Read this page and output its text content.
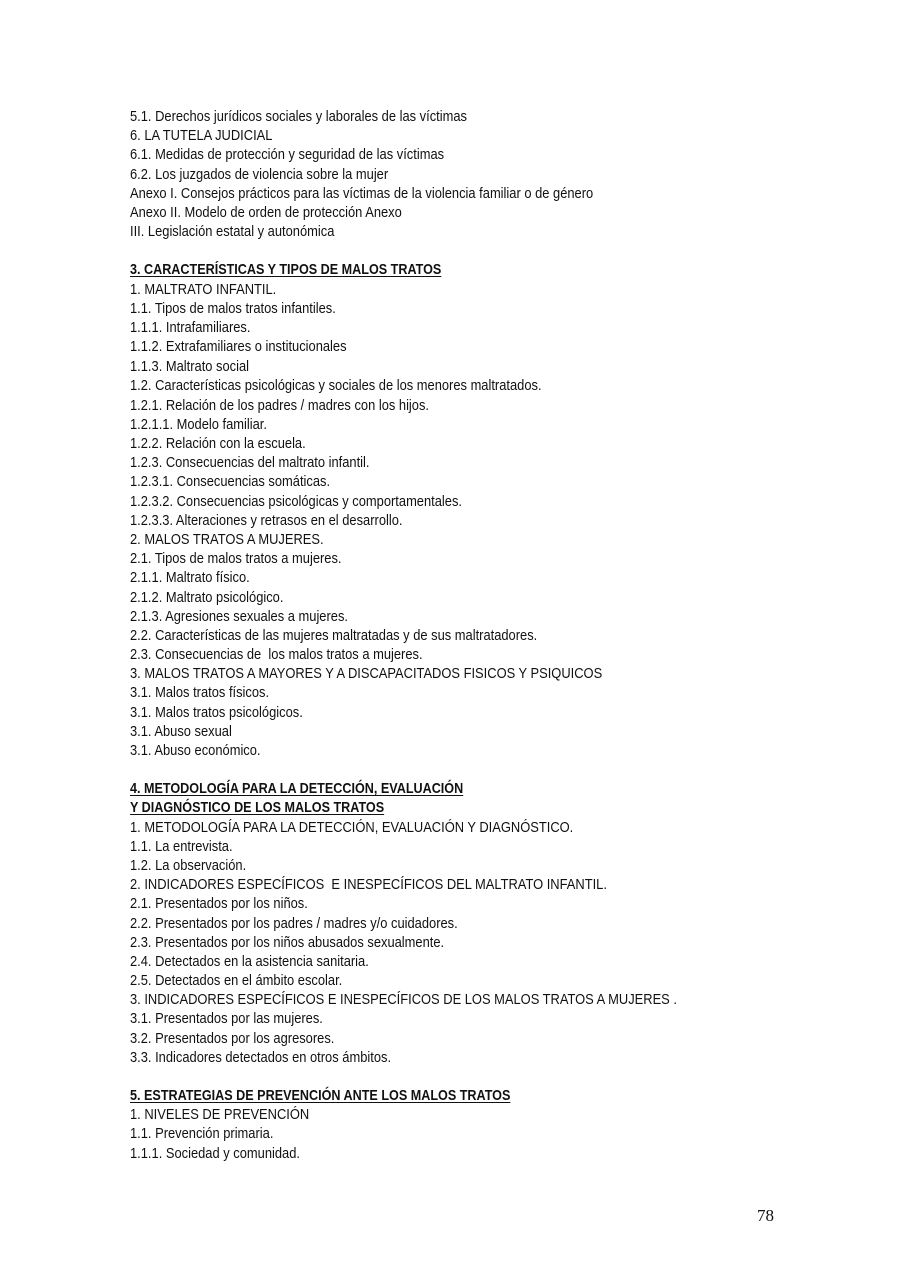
5.1. Derechos jurídicos sociales y laborales de las víctimas
6. LA TUTELA JUDICIAL
6.1. Medidas de protección y seguridad de las víctimas
6.2. Los juzgados de violencia sobre la mujer
Anexo I. Consejos prácticos para las víctimas de la violencia familiar o de género
Anexo II. Modelo de orden de protección Anexo
III. Legislación estatal y autonómica
3. CARACTERÍSTICAS Y TIPOS DE MALOS TRATOS
1. MALTRATO INFANTIL.
1.1. Tipos de malos tratos infantiles.
1.1.1. Intrafamiliares.
1.1.2. Extrafamiliares o institucionales
1.1.3. Maltrato social
1.2. Características psicológicas y sociales de los menores maltratados.
1.2.1. Relación de los padres / madres con los hijos.
1.2.1.1. Modelo familiar.
1.2.2. Relación con la escuela.
1.2.3. Consecuencias del maltrato infantil.
1.2.3.1. Consecuencias somáticas.
1.2.3.2. Consecuencias psicológicas y comportamentales.
1.2.3.3. Alteraciones y retrasos en el desarrollo.
2. MALOS TRATOS A MUJERES.
2.1. Tipos de malos tratos a mujeres.
2.1.1. Maltrato físico.
2.1.2. Maltrato psicológico.
2.1.3. Agresiones sexuales a mujeres.
2.2. Características de las mujeres maltratadas y de sus maltratadores.
2.3. Consecuencias de  los malos tratos a mujeres.
3. MALOS TRATOS A MAYORES Y A DISCAPACITADOS FISICOS Y PSIQUICOS
3.1. Malos tratos físicos.
3.1. Malos tratos psicológicos.
3.1. Abuso sexual
3.1. Abuso económico.
4. METODOLOGÍA PARA LA DETECCIÓN, EVALUACIÓN
Y DIAGNÓSTICO DE LOS MALOS TRATOS
1. METODOLOGÍA PARA LA DETECCIÓN, EVALUACIÓN Y DIAGNÓSTICO.
1.1. La entrevista.
1.2. La observación.
2. INDICADORES ESPECÍFICOS  E INESPECÍFICOS DEL MALTRATO INFANTIL.
2.1. Presentados por los niños.
2.2. Presentados por los padres / madres y/o cuidadores.
2.3. Presentados por los niños abusados sexualmente.
2.4. Detectados en la asistencia sanitaria.
2.5. Detectados en el ámbito escolar.
3. INDICADORES ESPECÍFICOS E INESPECÍFICOS DE LOS MALOS TRATOS A MUJERES .
3.1. Presentados por las mujeres.
3.2. Presentados por los agresores.
3.3. Indicadores detectados en otros ámbitos.
5. ESTRATEGIAS DE PREVENCIÓN ANTE LOS MALOS TRATOS
1. NIVELES DE PREVENCIÓN
1.1. Prevención primaria.
1.1.1. Sociedad y comunidad.
78
